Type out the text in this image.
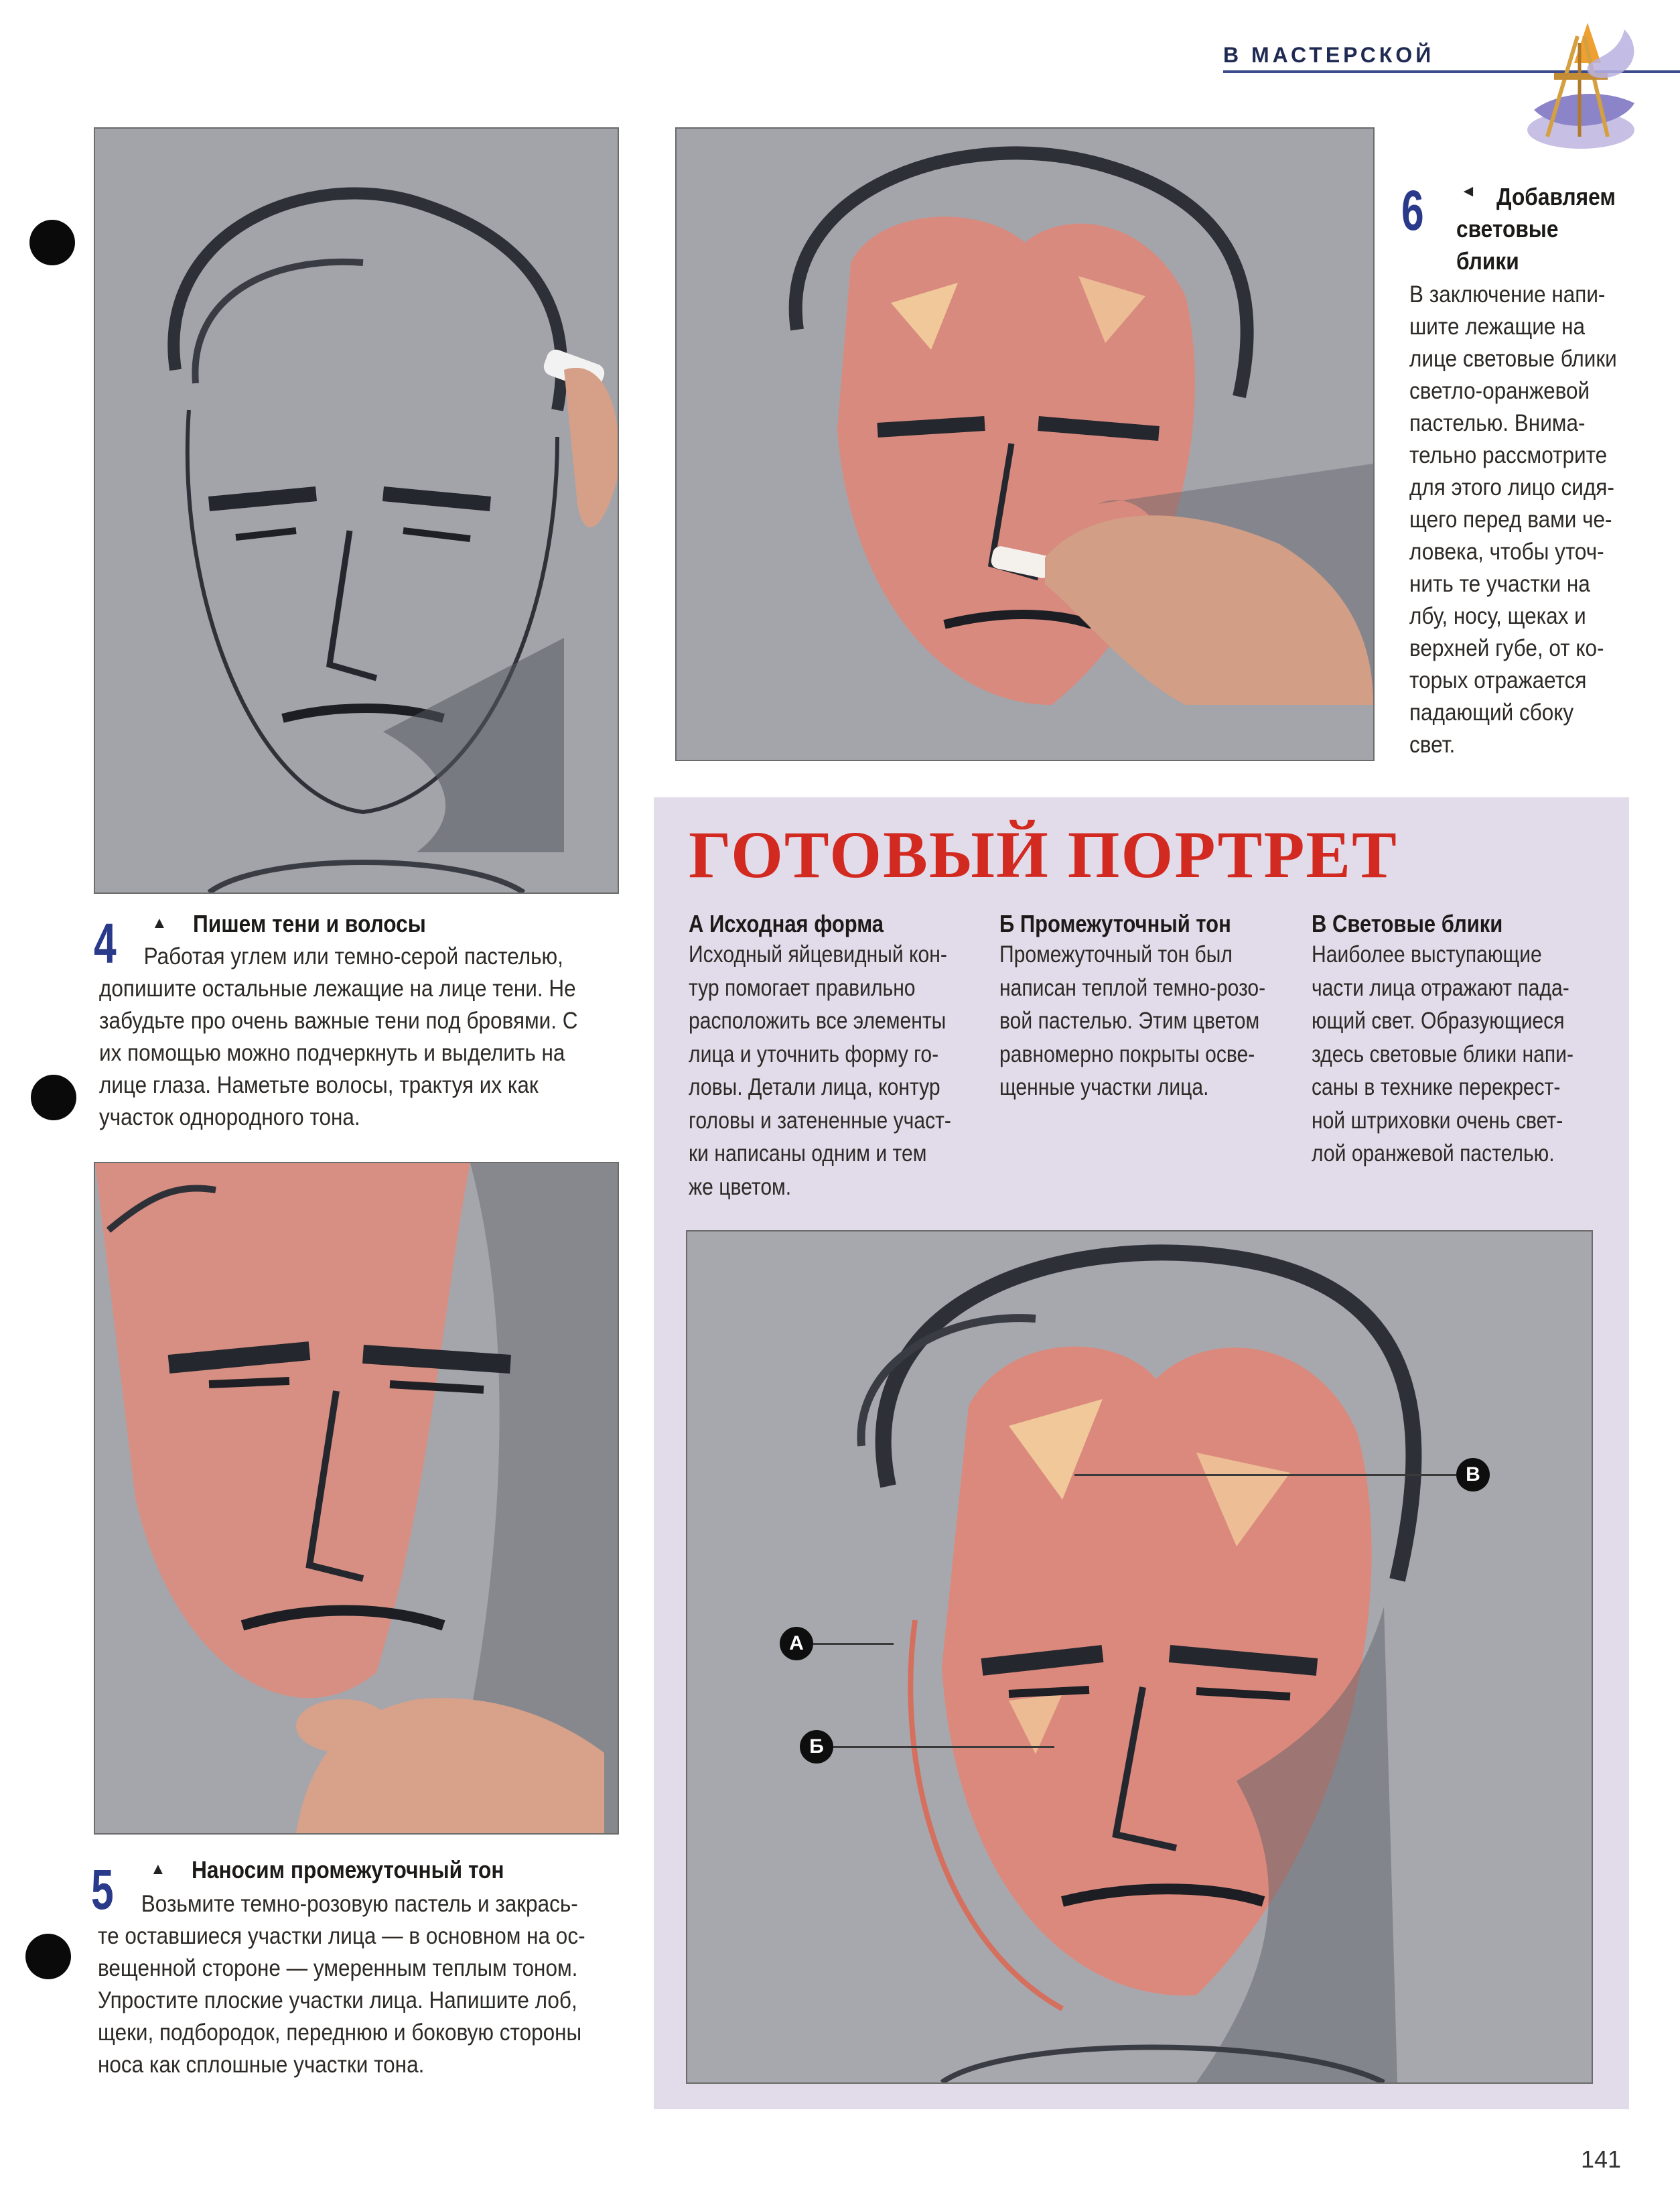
В МАСТЕРСКОЙ
4 ▲ Пишем тени и волосы
Работая углем или темно-серой пастелью,
допишите остальные лежащие на лице тени. Не
забудьте про очень важные тени под бровями. С
их помощью можно подчеркнуть и выделить на
лице глаза. Наметьте волосы, трактуя их как
участок однородного тона.
5 ▲ Наносим промежуточный тон
Возьмите темно-розовую пастель и закрась-
те оставшиеся участки лица — в основном на ос-
вещенной стороне — умеренным теплым тоном.
Упростите плоские участки лица. Напишите лоб,
щеки, подбородок, переднюю и боковую стороны
носа как сплошные участки тона.
6 ◄ Добавляем
световые
блики
В заключение напи-
шите лежащие на
лице световые блики
светло-оранжевой
пастелью. Внима-
тельно рассмотрите
для этого лицо сидя-
щего перед вами че-
ловека, чтобы уточ-
нить те участки на
лбу, носу, щеках и
верхней губе, от ко-
торых отражается
падающий сбоку
свет.
ГОТОВЫЙ ПОРТРЕТ
А Исходная форма
Исходный яйцевидный кон-
тур помогает правильно
расположить все элементы
лица и уточнить форму го-
ловы. Детали лица, контур
головы и затененные участ-
ки написаны одним и тем
же цветом.
Б Промежуточный тон
Промежуточный тон был
написан теплой темно-розо-
вой пастелью. Этим цветом
равномерно покрыты осве-
щенные участки лица.
В Световые блики
Наиболее выступающие
части лица отражают пада-
ющий свет. Образующиеся
здесь световые блики напи-
саны в технике перекрест-
ной штриховки очень свет-
лой оранжевой пастелью.
В
А
Б
141
